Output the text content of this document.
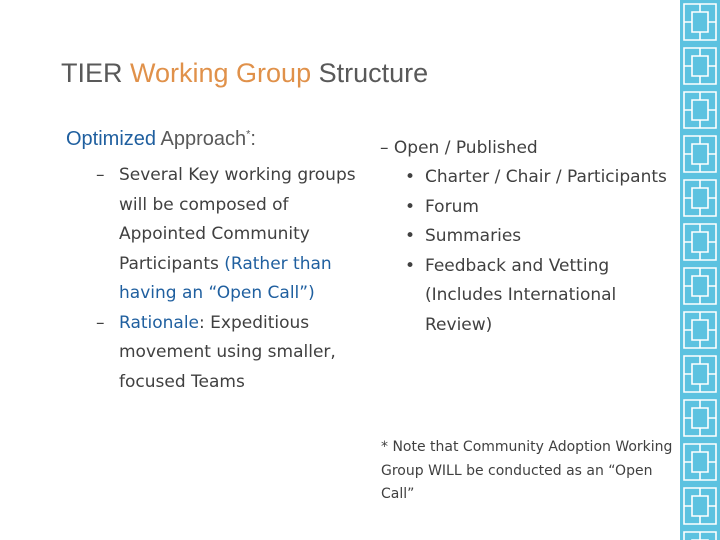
TIER Working Group Structure
Optimized Approach*:
– Several Key working groups will be composed of Appointed Community Participants (Rather than having an “Open Call”)
– Rationale: Expeditious movement using smaller, focused Teams
– Open / Published
• Charter / Chair / Participants
• Forum
• Summaries
• Feedback and Vetting (Includes International Review)
* Note that Community Adoption Working Group WILL be conducted as an “Open Call”
